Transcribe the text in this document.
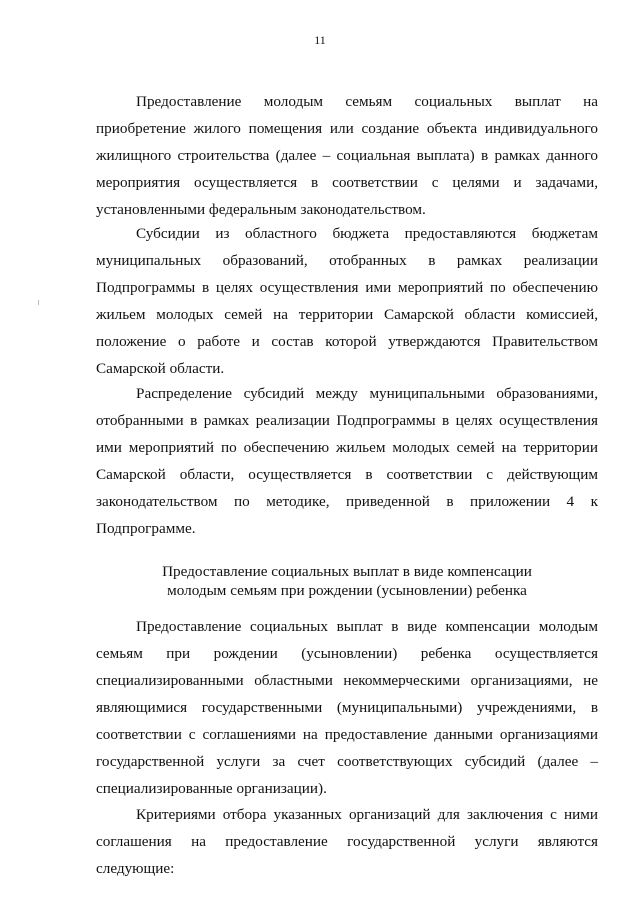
11

Предоставление молодым семьям социальных выплат на приобретение жилого помещения или создание объекта индивидуального жилищного строительства (далее – социальная выплата) в рамках данного мероприятия осуществляется в соответствии с целями и задачами, установленными федеральным законодательством.

Субсидии из областного бюджета предоставляются бюджетам муниципальных образований, отобранных в рамках реализации Подпрограммы в целях осуществления ими мероприятий по обеспечению жильем молодых семей на территории Самарской области комиссией, положение о работе и состав которой утверждаются Правительством Самарской области.

Распределение субсидий между муниципальными образованиями, отобранными в рамках реализации Подпрограммы в целях осуществления ими мероприятий по обеспечению жильем молодых семей на территории Самарской области, осуществляется в соответствии с действующим законодательством по методике, приведенной в приложении 4 к Подпрограмме.

Предоставление социальных выплат в виде компенсации
молодым семьям при рождении (усыновлении) ребенка

Предоставление социальных выплат в виде компенсации молодым семьям при рождении (усыновлении) ребенка осуществляется специализированными областными некоммерческими организациями, не являющимися государственными (муниципальными) учреждениями, в соответствии с соглашениями на предоставление данными организациями государственной услуги за счет соответствующих субсидий (далее – специализированные организации).

Критериями отбора указанных организаций для заключения с ними соглашения на предоставление государственной услуги являются следующие:
